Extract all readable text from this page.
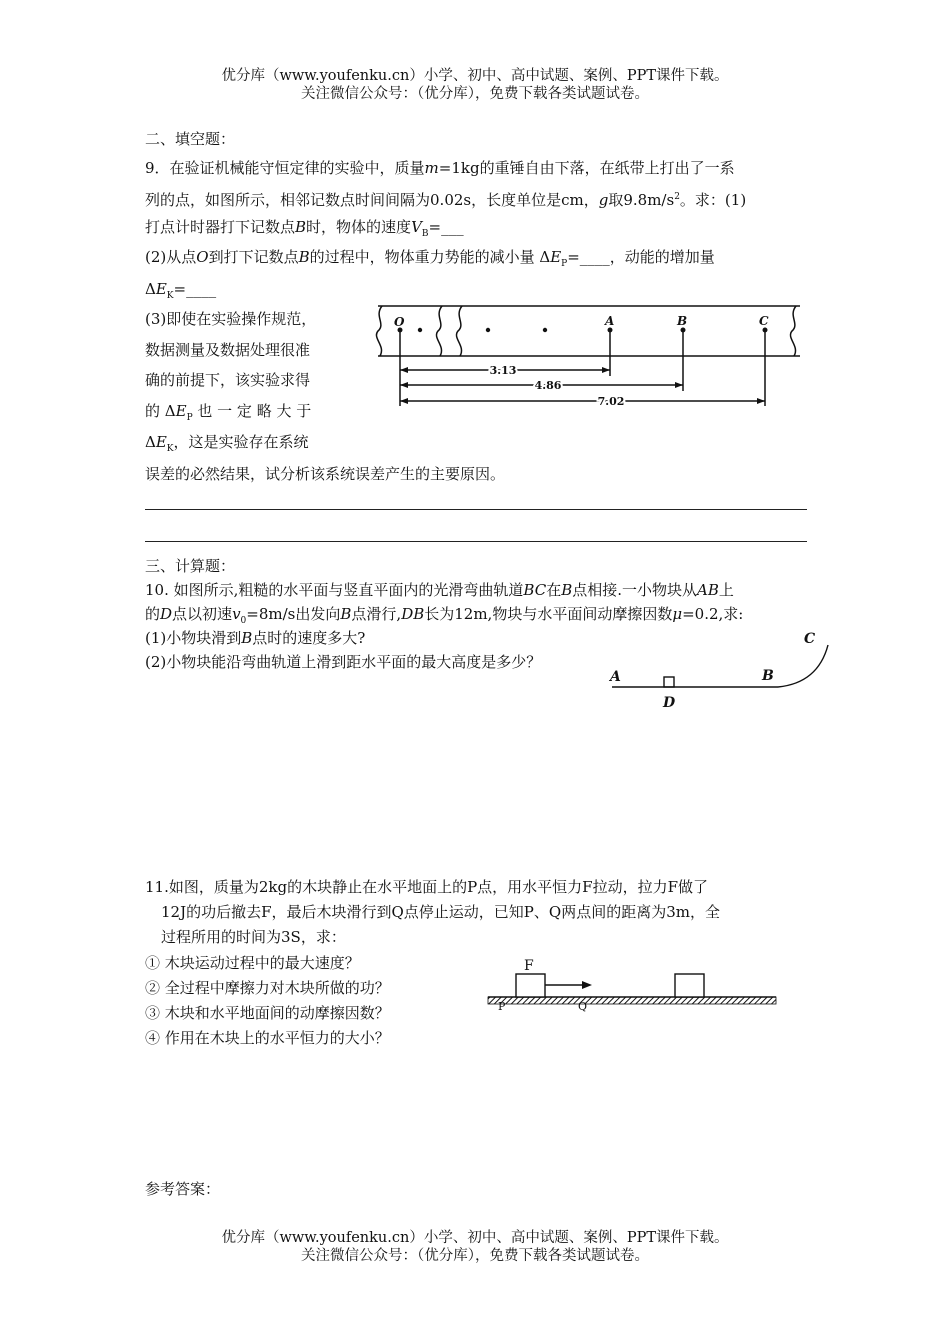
优分库（www.youfenku.cn）小学、初中、高中试题、案例、PPT课件下载。
关注微信公众号：（优分库），免费下载各类试题试卷。
二、填空题：
9．在验证机械能守恒定律的实验中，质量m=1kg的重锤自由下落，在纸带上打出了一系
列的点，如图所示，相邻记数点时间间隔为0.02s，长度单位是cm，g取$9.8m/s^2$。求：(1)
打点计时器打下记数点B时，物体的速度$V_B=\_\_\_$
(2)从点O到打下记数点B的过程中，物体重力势能的减小量 $\Delta E_P=\_\_\_\_$，动能的增加量
$\Delta E_K=\_\_\_\_$
(3)即使在实验操作规范，
数据测量及数据处理很准
确的前提下，该实验求得
的 $\Delta E_P$ 也 一 定 略 大 于
$\Delta E_K$，这是实验存在系统
误差的必然结果，试分析该系统误差产生的主要原因。
O	A	B	C
3.13
4.86
7.02
三、计算题：
10. 如图所示,粗糙的水平面与竖直平面内的光滑弯曲轨道BC在B点相接.一小物块从AB上
的D点以初速$v_0=8m/s$出发向B点滑行,DB长为12m,物块与水平面间动摩擦因数μ=0.2,求:
(1)小物块滑到B点时的速度多大?
(2)小物块能沿弯曲轨道上滑到距水平面的最大高度是多少？
A	B
C
D
11.如图，质量为2kg的木块静止在水平地面上的P点，用水平恒力F拉动，拉力F做了
12J的功后撤去F，最后木块滑行到Q点停止运动，已知P、Q两点间的距离为3m，全
过程所用的时间为3S，求：
① 木块运动过程中的最大速度？
② 全过程中摩擦力对木块所做的功？
③ 木块和水平地面间的动摩擦因数？
④ 作用在木块上的水平恒力的大小？
F
P	Q
参考答案：
优分库（www.youfenku.cn）小学、初中、高中试题、案例、PPT课件下载。
关注微信公众号：（优分库），免费下载各类试题试卷。
